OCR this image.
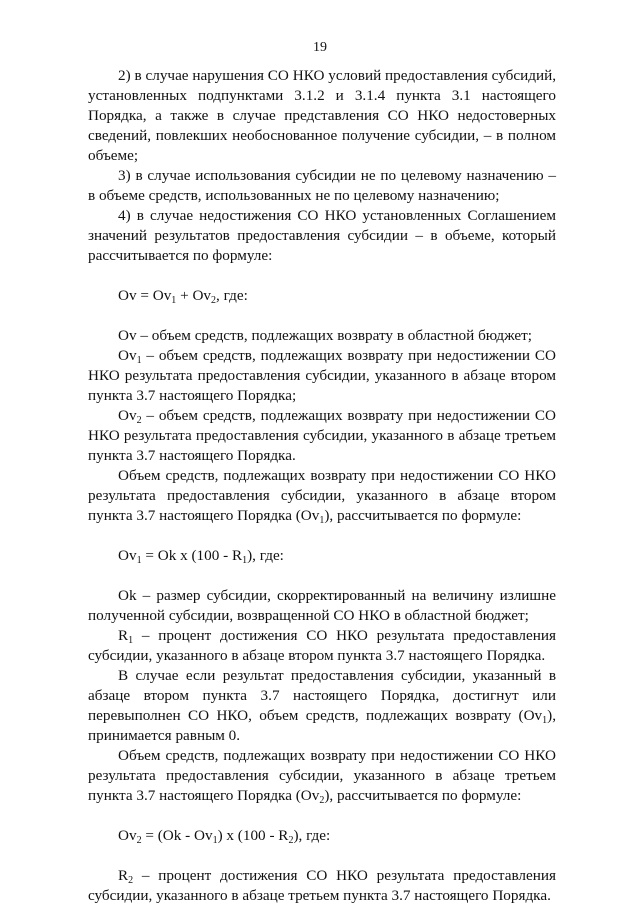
19

2) в случае нарушения СО НКО условий предоставления субсидий, установленных подпунктами 3.1.2 и 3.1.4 пункта 3.1 настоящего Порядка, а также в случае представления СО НКО недостоверных сведений, повлекших необоснованное получение субсидии, – в полном объеме;

3) в случае использования субсидии не по целевому назначению – в объеме средств, использованных не по целевому назначению;

4) в случае недостижения СО НКО установленных Соглашением значений результатов предоставления субсидии – в объеме, который рассчитывается по формуле:

$Ov = Ov_1 + Ov_2$, где:

Ov – объем средств, подлежащих возврату в областной бюджет;

$Ov_1$ – объем средств, подлежащих возврату при недостижении СО НКО результата предоставления субсидии, указанного в абзаце втором пункта 3.7 настоящего Порядка;

$Ov_2$ – объем средств, подлежащих возврату при недостижении СО НКО результата предоставления субсидии, указанного в абзаце третьем пункта 3.7 настоящего Порядка.

Объем средств, подлежащих возврату при недостижении СО НКО результата предоставления субсидии, указанного в абзаце втором пункта 3.7 настоящего Порядка $(Ov_1)$, рассчитывается по формуле:

$Ov_1 = Ok$ x $(100 - R_1)$, где:

Ok – размер субсидии, скорректированный на величину излишне полученной субсидии, возвращенной СО НКО в областной бюджет;

$R_1$ – процент достижения СО НКО результата предоставления субсидии, указанного в абзаце втором пункта 3.7 настоящего Порядка.

В случае если результат предоставления субсидии, указанный в абзаце втором пункта 3.7 настоящего Порядка, достигнут или перевыполнен СО НКО, объем средств, подлежащих возврату $(Ov_1)$, принимается равным 0.

Объем средств, подлежащих возврату при недостижении СО НКО результата предоставления субсидии, указанного в абзаце третьем пункта 3.7 настоящего Порядка $(Ov_2)$, рассчитывается по формуле:

$Ov_2 = (Ok - Ov_1)$ x $(100 - R_2)$, где:

$R_2$ – процент достижения СО НКО результата предоставления субсидии, указанного в абзаце третьем пункта 3.7 настоящего Порядка.
